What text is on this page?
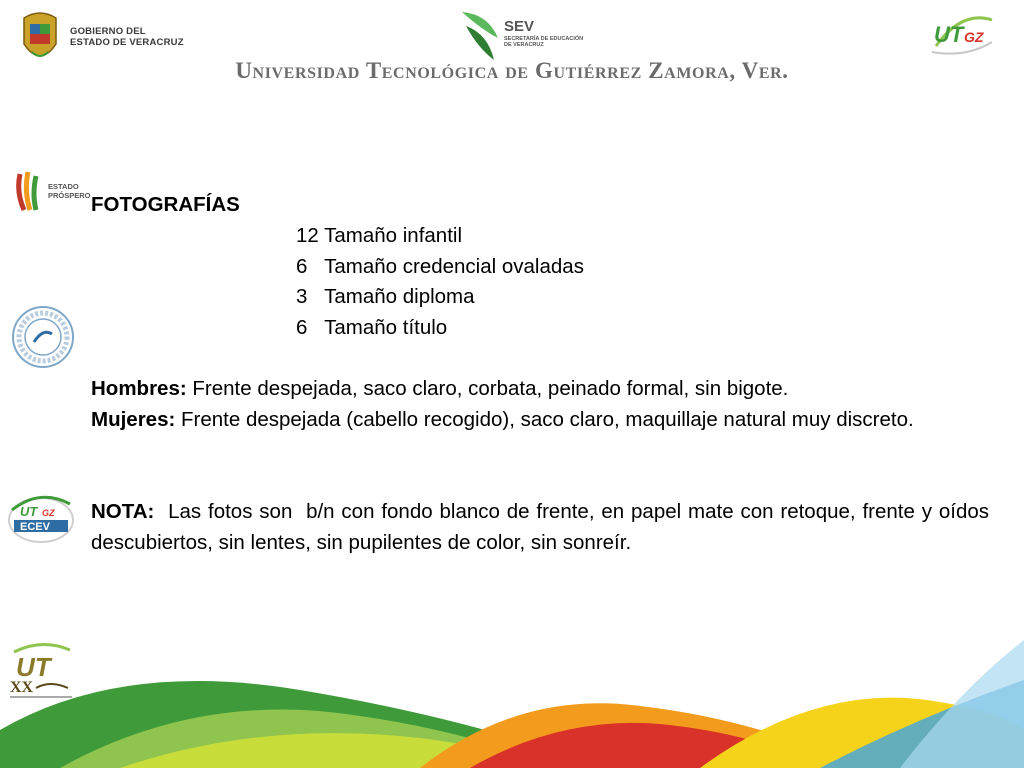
GOBIERNO DEL
ESTADO DE VERACRUZ
SEV
SECRETARÍA DE EDUCACIÓN
DE VERACRUZ	UT GZ
Universidad Tecnológica de Gutiérrez Zamora, Ver.
ESTADO
PRÓSPERO
UT GZ
ECEV
UT
XX
FOTOGRAFÍAS
12 Tamaño infantil
6   Tamaño credencial ovaladas
3   Tamaño diploma
6   Tamaño título
Hombres: Frente despejada, saco claro, corbata, peinado formal, sin bigote.
Mujeres: Frente despejada (cabello recogido), saco claro, maquillaje natural muy discreto.
NOTA:  Las fotos son  b/n con fondo blanco de frente, en papel mate con retoque, frente y oídos descubiertos, sin lentes, sin pupilentes de color, sin sonreír.
